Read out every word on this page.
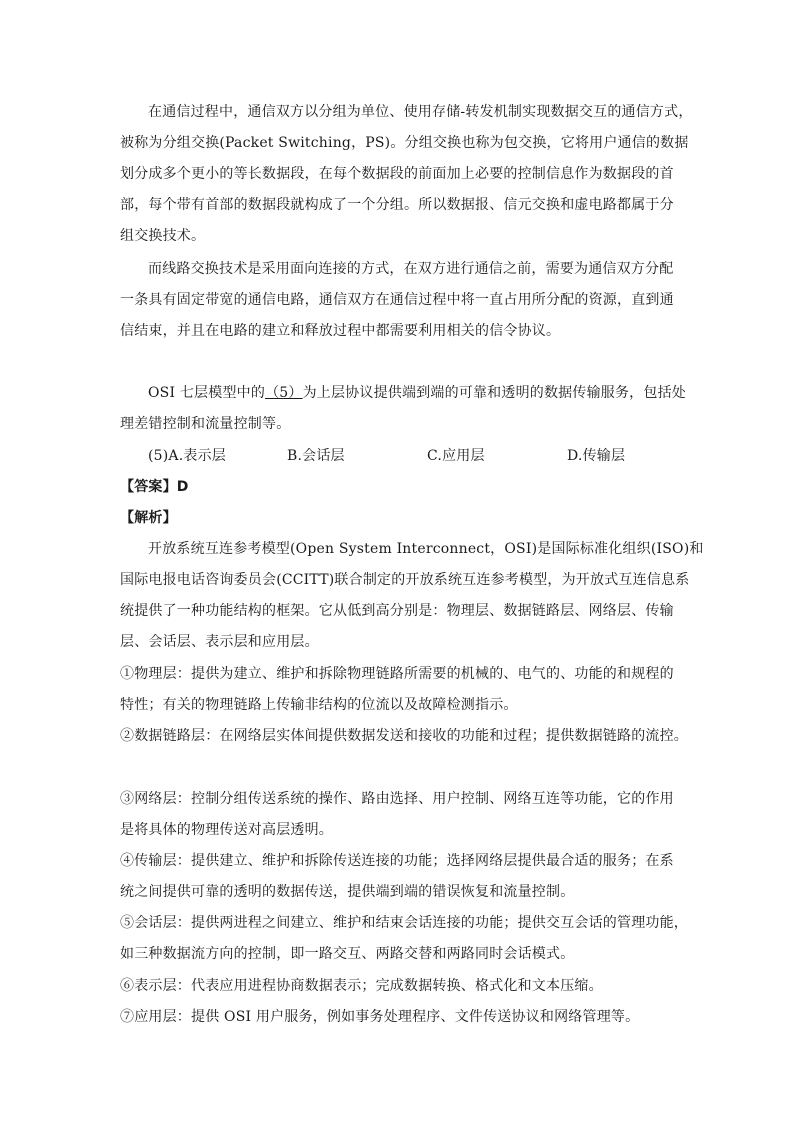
在通信过程中，通信双方以分组为单位、使用存储-转发机制实现数据交互的通信方式，
被称为分组交换(Packet Switching，PS)。分组交换也称为包交换，它将用户通信的数据
划分成多个更小的等长数据段，在每个数据段的前面加上必要的控制信息作为数据段的首
部，每个带有首部的数据段就构成了一个分组。所以数据报、信元交换和虚电路都属于分
组交换技术。
而线路交换技术是采用面向连接的方式，在双方进行通信之前，需要为通信双方分配
一条具有固定带宽的通信电路，通信双方在通信过程中将一直占用所分配的资源，直到通
信结束，并且在电路的建立和释放过程中都需要利用相关的信令协议。
OSI 七层模型中的（5）为上层协议提供端到端的可靠和透明的数据传输服务，包括处
理差错控制和流量控制等。
(5)A.表示层	B.会话层	C.应用层	D.传输层
【答案】D
【解析】
开放系统互连参考模型(Open System Interconnect，OSI)是国际标准化组织(ISO)和
国际电报电话咨询委员会(CCITT)联合制定的开放系统互连参考模型，为开放式互连信息系
统提供了一种功能结构的框架。它从低到高分别是：物理层、数据链路层、网络层、传输
层、会话层、表示层和应用层。
①物理层：提供为建立、维护和拆除物理链路所需要的机械的、电气的、功能的和规程的
特性；有关的物理链路上传输非结构的位流以及故障检测指示。
②数据链路层：在网络层实体间提供数据发送和接收的功能和过程；提供数据链路的流控。
③网络层：控制分组传送系统的操作、路由选择、用户控制、网络互连等功能，它的作用
是将具体的物理传送对高层透明。
④传输层：提供建立、维护和拆除传送连接的功能；选择网络层提供最合适的服务；在系
统之间提供可靠的透明的数据传送，提供端到端的错误恢复和流量控制。
⑤会话层：提供两进程之间建立、维护和结束会话连接的功能；提供交互会话的管理功能，
如三种数据流方向的控制，即一路交互、两路交替和两路同时会话模式。
⑥表示层：代表应用进程协商数据表示；完成数据转换、格式化和文本压缩。
⑦应用层：提供 OSI 用户服务，例如事务处理程序、文件传送协议和网络管理等。
